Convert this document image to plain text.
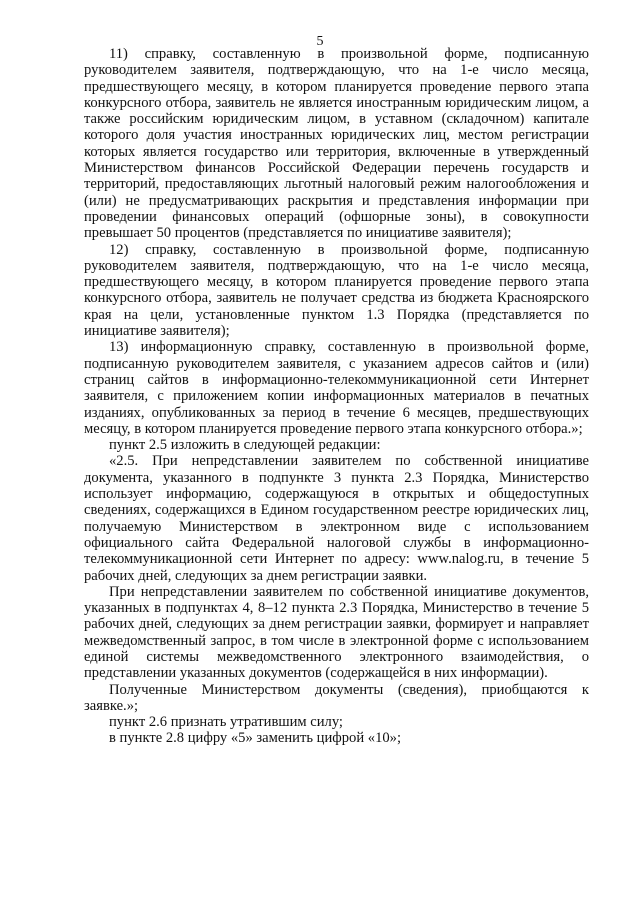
5

11) справку, составленную в произвольной форме, подписанную руководителем заявителя, подтверждающую, что на 1-е число месяца, предшествующего месяцу, в котором планируется проведение первого этапа конкурсного отбора, заявитель не является иностранным юридическим лицом, а также российским юридическим лицом, в уставном (складочном) капитале которого доля участия иностранных юридических лиц, местом регистрации которых является государство или территория, включенные в утвержденный Министерством финансов Российской Федерации перечень государств и территорий, предоставляющих льготный налоговый режим налогообложения и (или) не предусматривающих раскрытия и представления информации при проведении финансовых операций (офшорные зоны), в совокупности превышает 50 процентов (представляется по инициативе заявителя);

12) справку, составленную в произвольной форме, подписанную руководителем заявителя, подтверждающую, что на 1-е число месяца, предшествующего месяцу, в котором планируется проведение первого этапа конкурсного отбора, заявитель не получает средства из бюджета Красноярского края на цели, установленные пунктом 1.3 Порядка (представляется по инициативе заявителя);

13) информационную справку, составленную в произвольной форме, подписанную руководителем заявителя, с указанием адресов сайтов и (или) страниц сайтов в информационно-телекоммуникационной сети Интернет заявителя, с приложением копии информационных материалов в печатных изданиях, опубликованных за период в течение 6 месяцев, предшествующих месяцу, в котором планируется проведение первого этапа конкурсного отбора.»;

пункт 2.5 изложить в следующей редакции:

«2.5. При непредставлении заявителем по собственной инициативе документа, указанного в подпункте 3 пункта 2.3 Порядка, Министерство использует информацию, содержащуюся в открытых и общедоступных сведениях, содержащихся в Едином государственном реестре юридических лиц, получаемую Министерством в электронном виде с использованием официального сайта Федеральной налоговой службы в информационно-телекоммуникационной сети Интернет по адресу: www.nalog.ru, в течение 5 рабочих дней, следующих за днем регистрации заявки.

При непредставлении заявителем по собственной инициативе документов, указанных в подпунктах 4, 8–12 пункта 2.3 Порядка, Министерство в течение 5 рабочих дней, следующих за днем регистрации заявки, формирует и направляет межведомственный запрос, в том числе в электронной форме с использованием единой системы межведомственного электронного взаимодействия, о представлении указанных документов (содержащейся в них информации).

Полученные Министерством документы (сведения), приобщаются к заявке.»;

пункт 2.6 признать утратившим силу;

в пункте 2.8 цифру «5» заменить цифрой «10»;
